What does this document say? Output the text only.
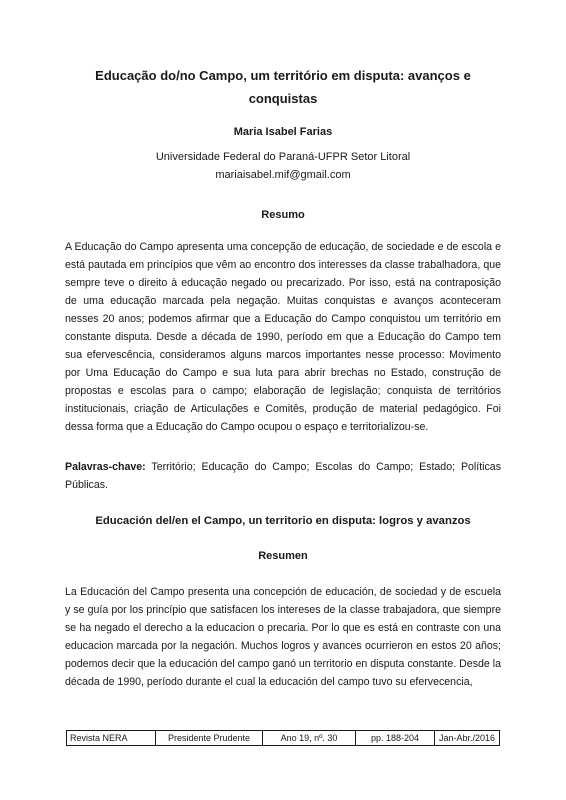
Educação do/no Campo, um território em disputa: avanços e conquistas
Maria Isabel Farias
Universidade Federal do Paraná-UFPR Setor Litoral
mariaisabel.mif@gmail.com
Resumo
A Educação do Campo apresenta uma concepção de educação, de sociedade e de escola e está pautada em princípios que vêm ao encontro dos interesses da classe trabalhadora, que sempre teve o direito à educação negado ou precarizado. Por isso, está na contraposição de uma educação marcada pela negação. Muitas conquistas e avanços aconteceram nesses 20 anos; podemos afirmar que a Educação do Campo conquistou um território em constante disputa. Desde a década de 1990, período em que a Educação do Campo tem sua efervescência, consideramos alguns marcos importantes nesse processo: Movimento por Uma Educação do Campo e sua luta para abrir brechas no Estado, construção de propostas e escolas para o campo; elaboração de legislação; conquista de territórios institucionais, criação de Articulações e Comitês, produção de material pedagógico. Foi dessa forma que a Educação do Campo ocupou o espaço e territorializou-se.
Palavras-chave: Território; Educação do Campo; Escolas do Campo; Estado; Políticas Públicas.
Educación del/en el Campo, un territorio en disputa: logros y avanzos
Resumen
La Educación del Campo presenta una concepción de educación, de sociedad y de escuela y se guía por los princípio que satisfacen los intereses de la classe trabajadora, que siempre se ha negado el derecho a la educacion o precaria. Por lo que es está en contraste con una educacion marcada por la negación. Muchos logros y avances ocurrieron en estos 20 años; podemos decir que la educación del campo ganó un territorio en disputa constante. Desde la década de 1990, período durante el cual la educación del campo tuvo su efervecencia,
Revista NERA	Presidente Prudente	Ano 19, nº. 30	pp. 188-204	Jan-Abr./2016
